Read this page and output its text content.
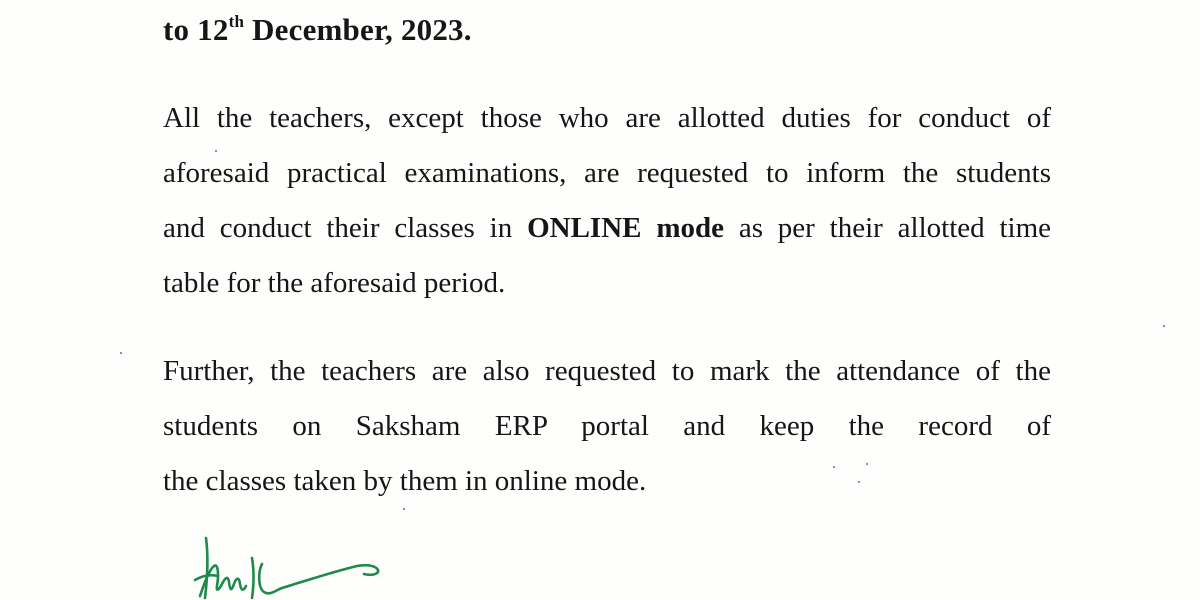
to 12th December, 2023.
All the teachers, except those who are allotted duties for conduct of
aforesaid practical examinations, are requested to inform the students
and conduct their classes in ONLINE mode as per their allotted time
table for the aforesaid period.
Further, the teachers are also requested to mark the attendance of the
students on Saksham ERP portal and keep the record of
the classes taken by them in online mode.
